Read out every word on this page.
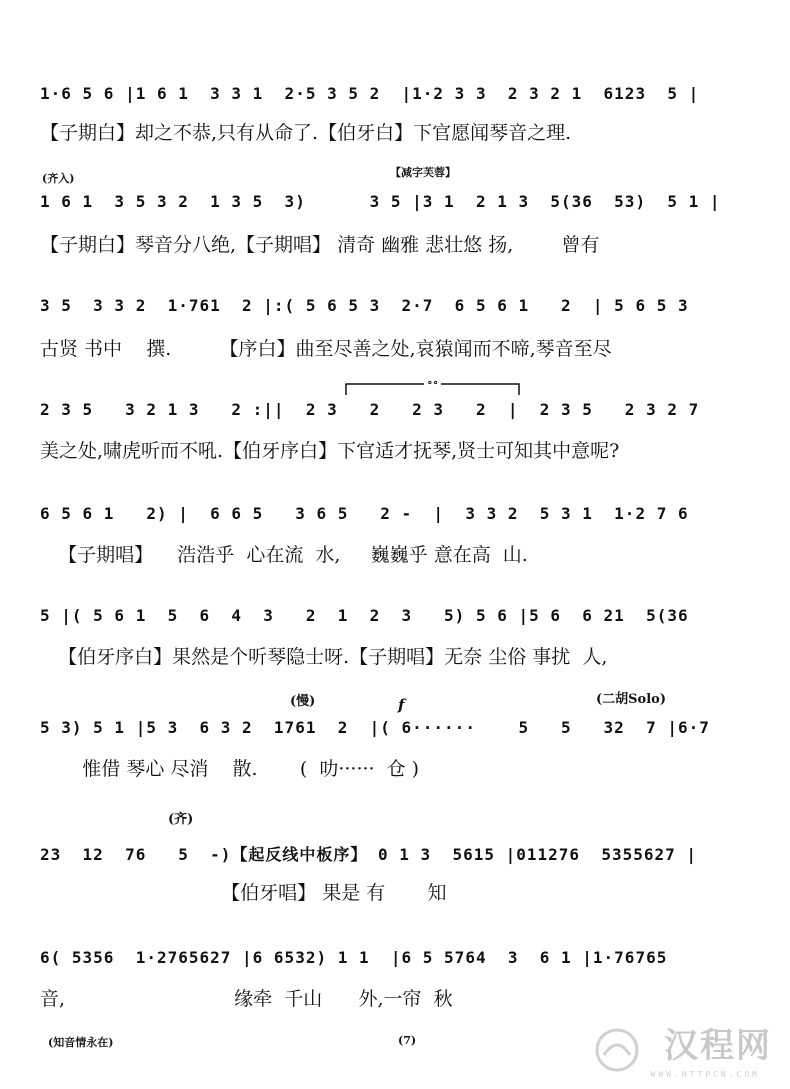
1·6 5 6 |1 6 1  3 3 1  2·5 3 5 2  |1·2 3 3  2 3 2 1  6123  5 |
【子期白】却之不恭,只有从命了.【伯牙白】下官愿闻琴音之理.
(齐入)	【减字芙蓉】
1 6 1  3 5 3 2  1 3 5  3)      3 5 |3 1  2 1 3  5(36  53)  5 1 |
【子期白】琴音分八绝,【子期唱】 清奇 幽雅 悲壮悠 扬,        曾有
3 5  3 3 2  1·761  2 |:( 5 6 5 3  2·7  6 5 6 1   2  | 5 6 5 3
古贤 书中    撰.        【序白】曲至尽善之处,哀猿闻而不啼,琴音至尽
∘∘
2 3 5   3 2 1 3   2 :||  2 3   2   2 3   2  |  2 3 5   2 3 2 7
美之处,啸虎听而不吼.【伯牙序白】下官适才抚琴,贤士可知其中意呢?
6 5 6 1   2) |  6 6 5   3 6 5   2 -  |  3 3 2  5 3 1  1·2 7 6
【子期唱】    浩浩乎  心在流  水,     巍巍乎 意在高  山.
5 |( 5 6 1  5  6  4  3   2  1  2  3   5) 5 6 |5 6  6 21  5(36
【伯牙序白】果然是个听琴隐士呀.【子期唱】无奈 尘俗 事扰  人,
(慢)	f	(二胡Solo)
5 3) 5 1 |5 3  6 3 2  1761  2  |( 6······    5   5   32  7 |6·7
惟借 琴心 尽消    散.       (  叻······  仓 )
(齐)
23  12  76   5  -)【起反线中板序】 0 1 3  5615 |011276  5355627 |
【伯牙唱】 果是 有       知
6( 5356  1·2765627 |6 6532) 1 1  |6 5 5764  3  6 1 |1·76765
音,                            缘牵  千山      外,一帘  秋
(知音情永在)	(7)	汉程网
WWW.HTTPCN.COM
